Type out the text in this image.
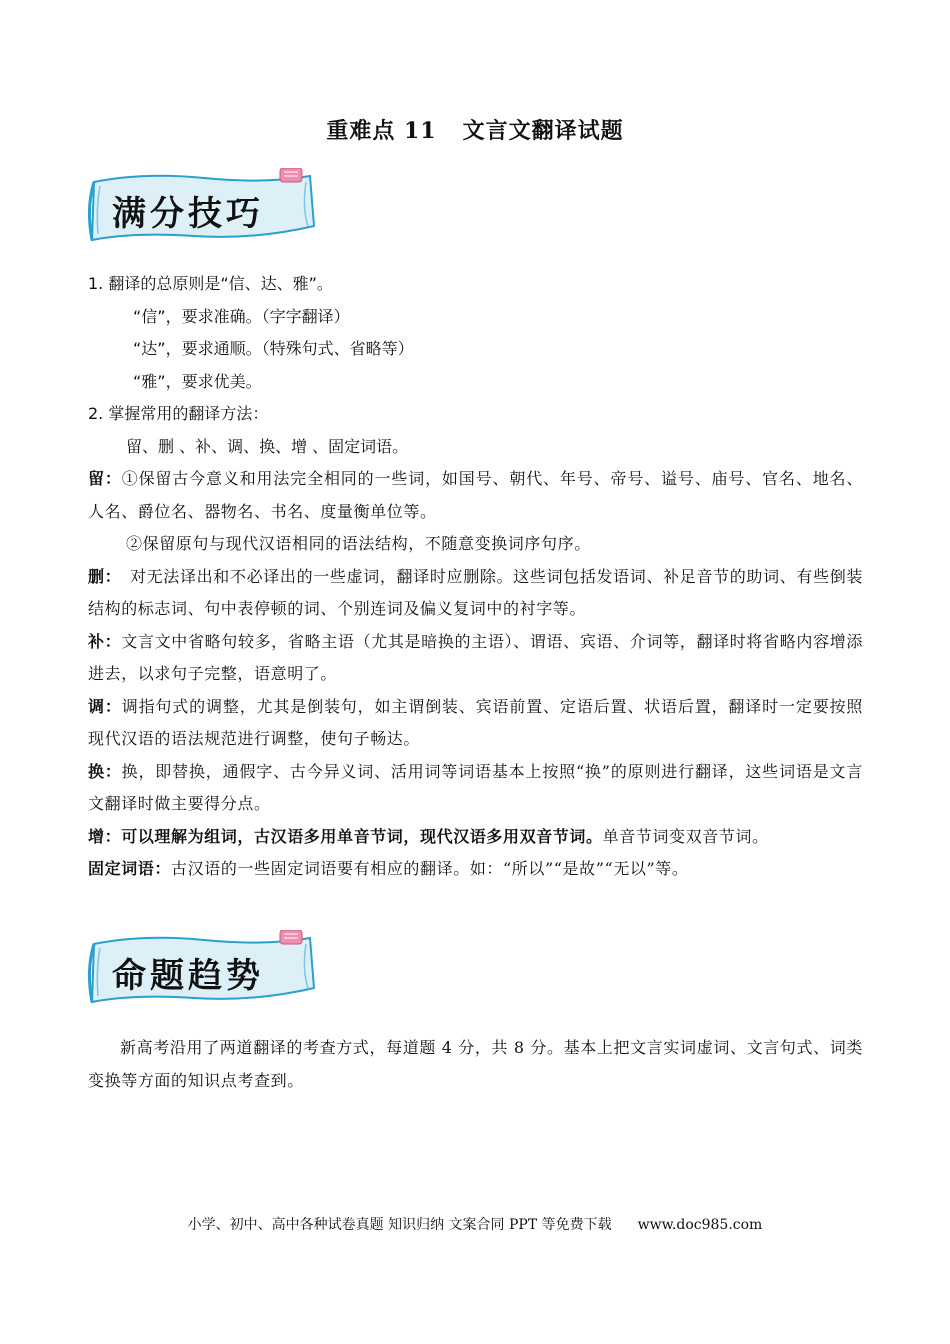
重难点 11 文言文翻译试题
满分技巧
1. 翻译的总原则是“信、达、雅”。
“信”，要求准确。（字字翻译）
“达”，要求通顺。（特殊句式、省略等）
“雅”，要求优美。
2. 掌握常用的翻译方法：
留、删 、补、调、换、增 、固定词语。
留：①保留古今意义和用法完全相同的一些词，如国号、朝代、年号、帝号、谥号、庙号、官名、地名、人名、爵位名、器物名、书名、度量衡单位等。
②保留原句与现代汉语相同的语法结构，不随意变换词序句序。
删：　对无法译出和不必译出的一些虚词，翻译时应删除。这些词包括发语词、补足音节的助词、有些倒装结构的标志词、句中表停顿的词、个别连词及偏义复词中的衬字等。
补：文言文中省略句较多，省略主语（尤其是暗换的主语）、谓语、宾语、介词等，翻译时将省略内容增添进去，以求句子完整，语意明了。
调：调指句式的调整，尤其是倒装句，如主谓倒装、宾语前置、定语后置、状语后置，翻译时一定要按照现代汉语的语法规范进行调整，使句子畅达。
换：换，即替换，通假字、古今异义词、活用词等词语基本上按照“换”的原则进行翻译，这些词语是文言文翻译时做主要得分点。
增：可以理解为组词，古汉语多用单音节词，现代汉语多用双音节词。单音节词变双音节词。
固定词语：古汉语的一些固定词语要有相应的翻译。如：“所以”“是故”“无以”等。
命题趋势
新高考沿用了两道翻译的考查方式，每道题 4 分，共 8 分。基本上把文言实词虚词、文言句式、词类变换等方面的知识点考查到。
小学、初中、高中各种试卷真题 知识归纳 文案合同 PPT 等免费下载 www.doc985.com
